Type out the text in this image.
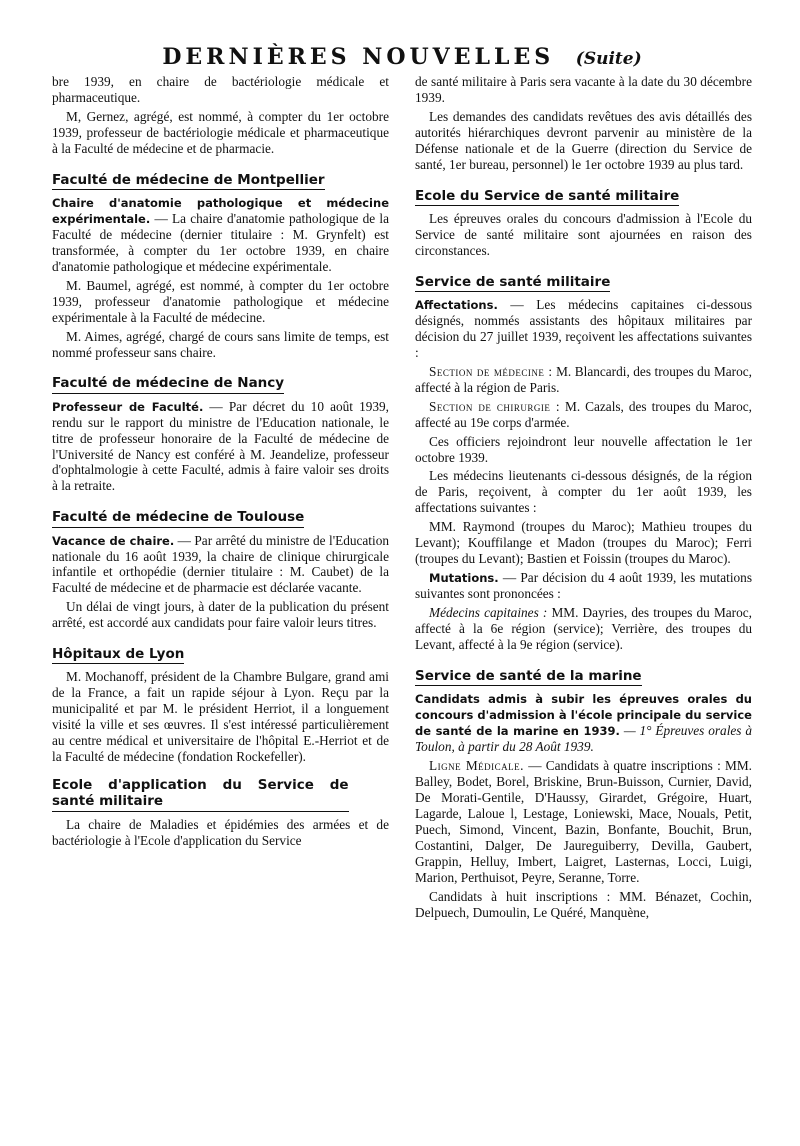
DERNIÈRES NOUVELLES (Suite)

bre 1939, en chaire de bactériologie médicale et pharmaceutique.

M, Gernez, agrégé, est nommé, à compter du 1er octobre 1939, professeur de bactériologie médicale et pharmaceutique à la Faculté de médecine et de pharmacie.

Faculté de médecine de Montpellier

Chaire d'anatomie pathologique et médecine expérimentale. — La chaire d'anatomie pathologique de la Faculté de médecine (dernier titulaire : M. Grynfelt) est transformée, à compter du 1er octobre 1939, en chaire d'anatomie pathologique et médecine expérimentale.

M. Baumel, agrégé, est nommé, à compter du 1er octobre 1939, professeur d'anatomie pathologique et médecine expérimentale à la Faculté de médecine.

M. Aimes, agrégé, chargé de cours sans limite de temps, est nommé professeur sans chaire.

Faculté de médecine de Nancy

Professeur de Faculté. — Par décret du 10 août 1939, rendu sur le rapport du ministre de l'Education nationale, le titre de professeur honoraire de la Faculté de médecine de l'Université de Nancy est conféré à M. Jeandelize, professeur d'ophtalmologie à cette Faculté, admis à faire valoir ses droits à la retraite.

Faculté de médecine de Toulouse

Vacance de chaire. — Par arrêté du ministre de l'Education nationale du 16 août 1939, la chaire de clinique chirurgicale infantile et orthopédie (dernier titulaire : M. Caubet) de la Faculté de médecine et de pharmacie est déclarée vacante.

Un délai de vingt jours, à dater de la publication du présent arrêté, est accordé aux candidats pour faire valoir leurs titres.

Hôpitaux de Lyon

M. Mochanoff, président de la Chambre Bulgare, grand ami de la France, a fait un rapide séjour à Lyon. Reçu par la municipalité et par M. le président Herriot, il a longuement visité la ville et ses œuvres. Il s'est intéressé particulièrement au centre médical et universitaire de l'hôpital E.-Herriot et de la Faculté de médecine (fondation Rockefeller).

Ecole d'application du Service de santé militaire

La chaire de Maladies et épidémies des armées et de bactériologie à l'Ecole d'application du Service

de santé militaire à Paris sera vacante à la date du 30 décembre 1939.

Les demandes des candidats revêtues des avis détaillés des autorités hiérarchiques devront parvenir au ministère de la Défense nationale et de la Guerre (direction du Service de santé, 1er bureau, personnel) le 1er octobre 1939 au plus tard.

Ecole du Service de santé militaire

Les épreuves orales du concours d'admission à l'Ecole du Service de santé militaire sont ajournées en raison des circonstances.

Service de santé militaire

Affectations. — Les médecins capitaines ci-dessous désignés, nommés assistants des hôpitaux militaires par décision du 27 juillet 1939, reçoivent les affectations suivantes :

Section de médecine : M. Blancardi, des troupes du Maroc, affecté à la région de Paris.

Section de chirurgie : M. Cazals, des troupes du Maroc, affecté au 19e corps d'armée.

Ces officiers rejoindront leur nouvelle affectation le 1er octobre 1939.

Les médecins lieutenants ci-dessous désignés, de la région de Paris, reçoivent, à compter du 1er août 1939, les affectations suivantes :

MM. Raymond (troupes du Maroc); Mathieu troupes du Levant); Kouffilange et Madon (troupes du Maroc); Ferri (troupes du Levant); Bastien et Foissin (troupes du Maroc).

Mutations. — Par décision du 4 août 1939, les mutations suivantes sont prononcées :

Médecins capitaines : MM. Dayries, des troupes du Maroc, affecté à la 6e région (service); Verrière, des troupes du Levant, affecté à la 9e région (service).

Service de santé de la marine

Candidats admis à subir les épreuves orales du concours d'admission à l'école principale du service de santé de la marine en 1939. — 1° Épreuves orales à Toulon, à partir du 28 Août 1939.

Ligne Médicale. — Candidats à quatre inscriptions : MM. Balley, Bodet, Borel, Briskine, Brun-Buisson, Curnier, David, De Morati-Gentile, D'Haussy, Girardet, Grégoire, Huart, Lagarde, Laloue l, Lestage, Loniewski, Mace, Nouals, Petit, Puech, Simond, Vincent, Bazin, Bonfante, Bouchit, Brun, Costantini, Dalger, De Jaureguiberry, Devilla, Gaubert, Grappin, Helluy, Imbert, Laigret, Lasternas, Locci, Luigi, Marion, Perthuisot, Peyre, Seranne, Torre.

Candidats à huit inscriptions : MM. Bénazet, Cochin, Delpuech, Dumoulin, Le Quéré, Manquène,
